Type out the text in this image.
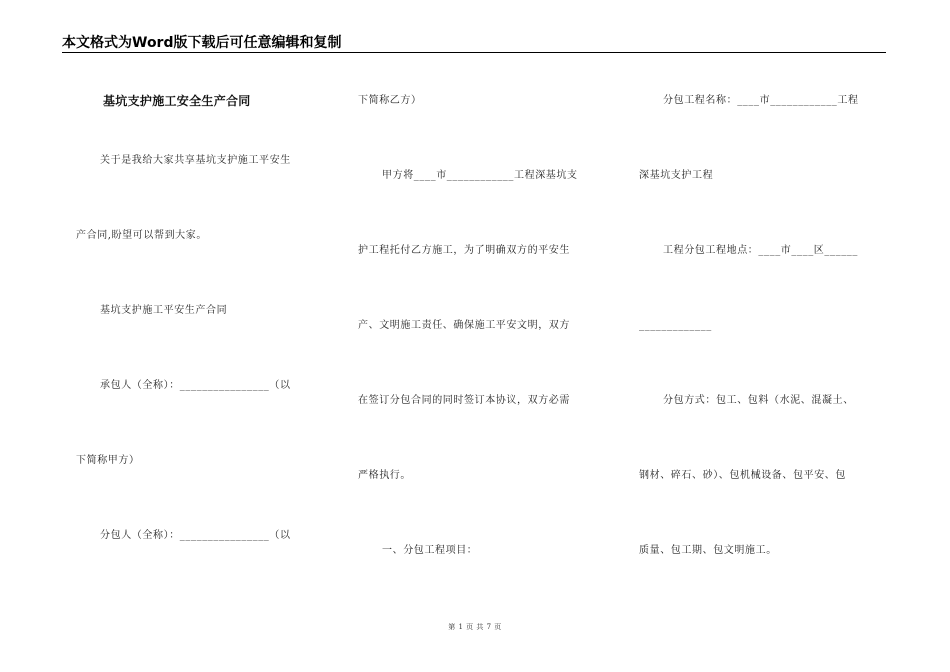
本文格式为Word版下载后可任意编辑和复制
基坑支护施工安全生产合同
关于是我给大家共享基坑支护施工平安生
产合同,盼望可以帮到大家。
基坑支护施工平安生产合同
承包人（全称）：________________（以
下简称甲方）
分包人（全称）：________________（以
下简称乙方）
甲方将____市____________工程深基坑支
护工程托付乙方施工，为了明确双方的平安生
产、文明施工责任、确保施工平安文明，双方
在签订分包合同的同时签订本协议，双方必需
严格执行。
一、分包工程项目：
分包工程名称：____市____________工程
深基坑支护工程
工程分包工程地点：____市____区______
_____________
分包方式：包工、包料（水泥、混凝土、
钢材、碎石、砂）、包机械设备、包平安、包
质量、包工期、包文明施工。
第 1 页 共 7 页
